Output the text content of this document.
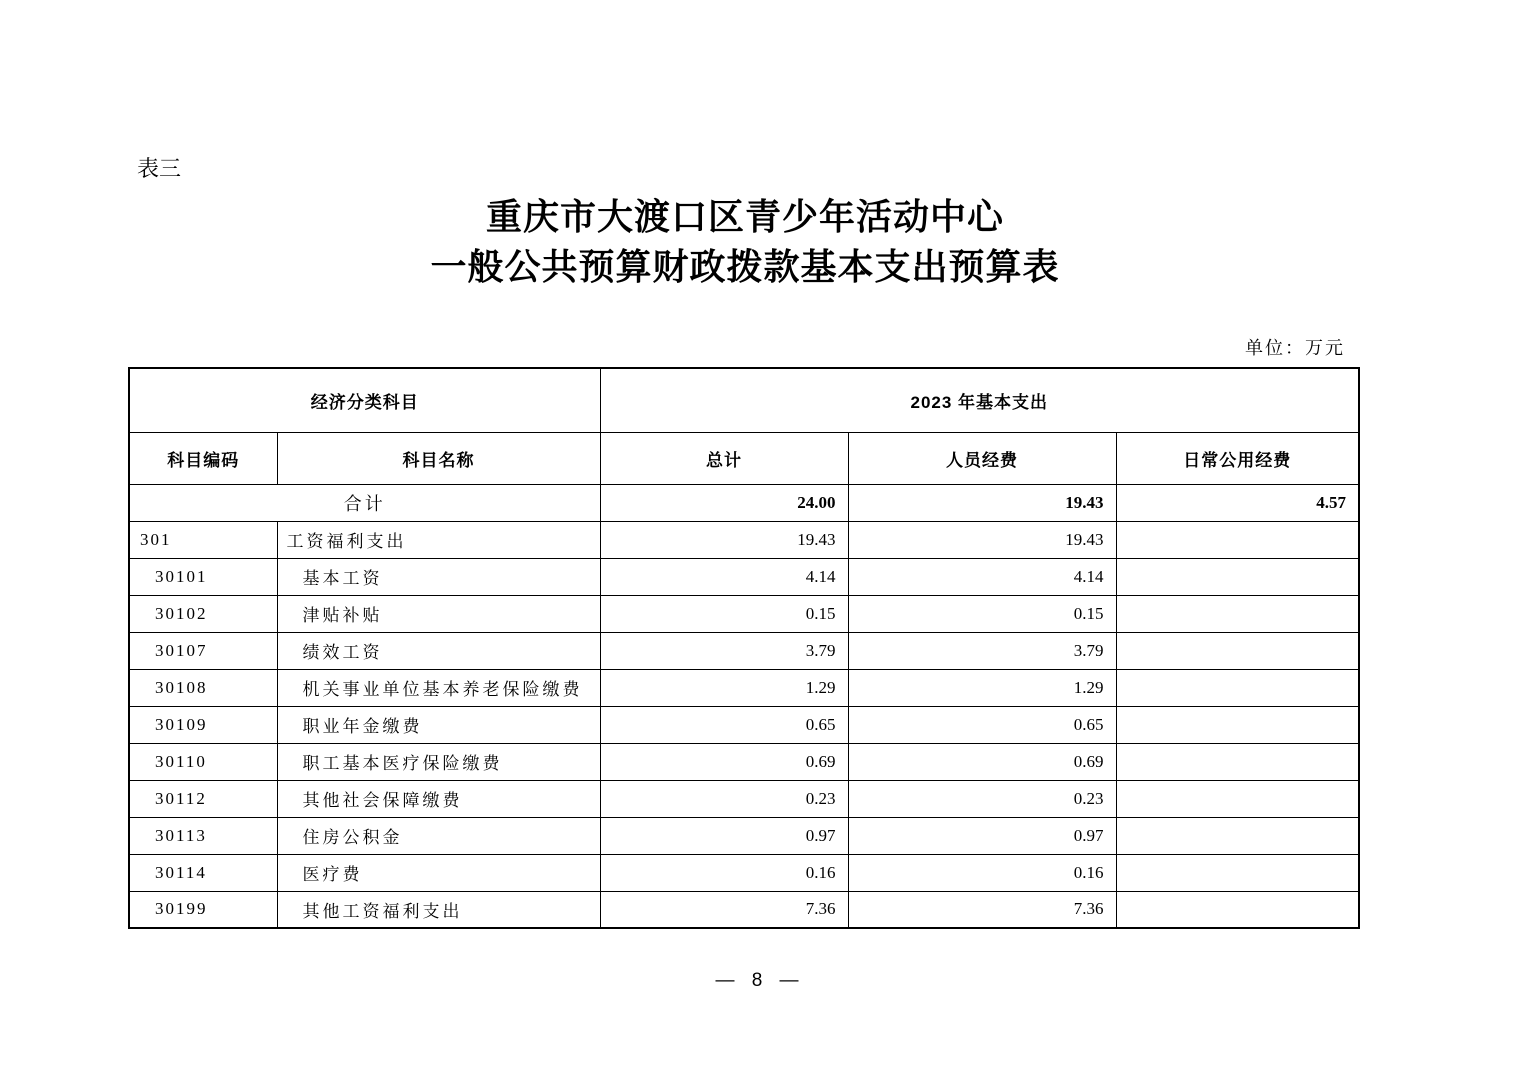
表三
重庆市大渡口区青少年活动中心
一般公共预算财政拨款基本支出预算表
单位：万元
经济分类科目		2023 年基本支出		
科目编码	科目名称	总计	人员经费	日常公用经费
合计		24.00	19.43	4.57
301	工资福利支出	19.43	19.43	
30101	基本工资	4.14	4.14	
30102	津贴补贴	0.15	0.15	
30107	绩效工资	3.79	3.79	
30108	机关事业单位基本养老保险缴费	1.29	1.29	
30109	职业年金缴费	0.65	0.65	
30110	职工基本医疗保险缴费	0.69	0.69	
30112	其他社会保障缴费	0.23	0.23	
30113	住房公积金	0.97	0.97	
30114	医疗费	0.16	0.16	
30199	其他工资福利支出	7.36	7.36	
— 8 —
